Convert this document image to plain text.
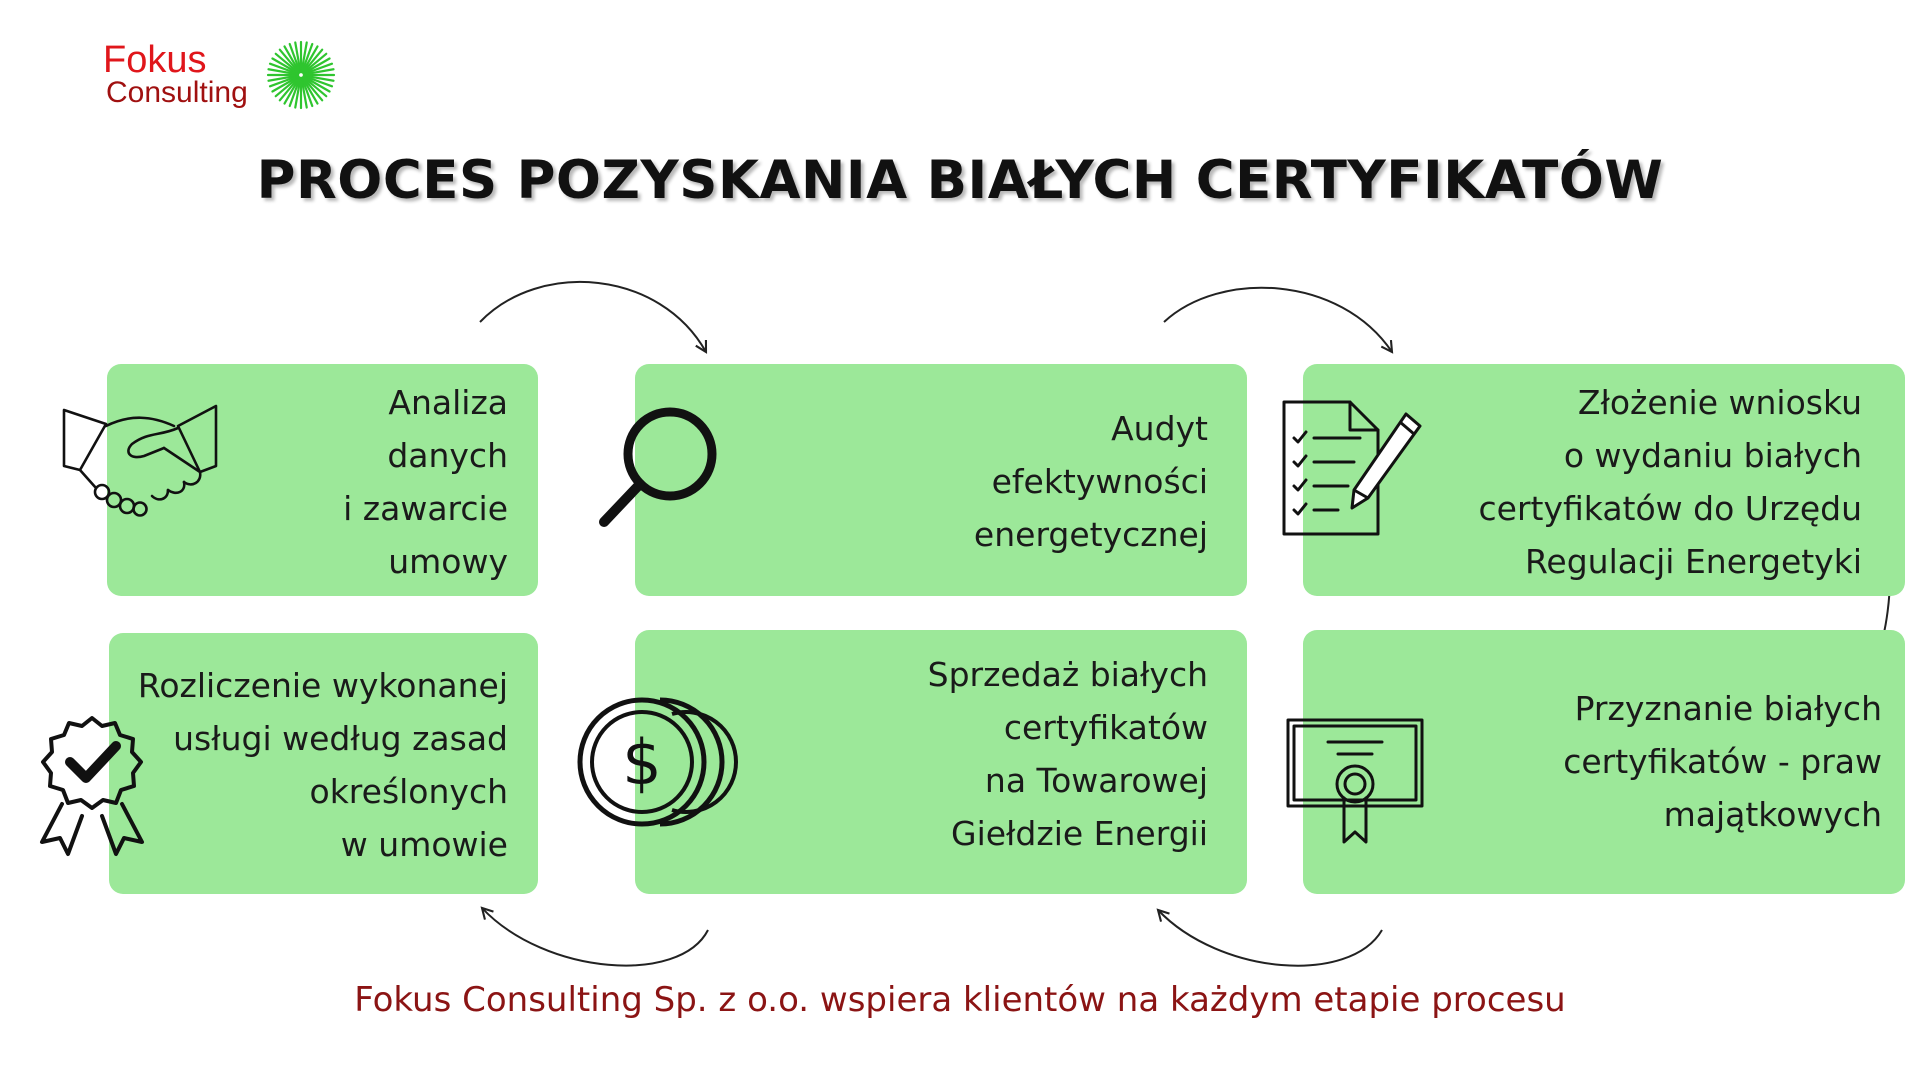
Fokus
Consulting
PROCES POZYSKANIA BIAŁYCH CERTYFIKATÓW
Analiza
danych
i zawarcie
umowy
Audyt
efektywności
energetycznej
Złożenie wniosku
o wydaniu białych
certyfikatów do Urzędu
Regulacji Energetyki
Przyznanie białych
certyfikatów - praw
majątkowych
Sprzedaż białych
certyfikatów
na Towarowej
Giełdzie Energii
$
Rozliczenie wykonanej
usługi według zasad
określonych
w umowie
Fokus Consulting Sp. z o.o. wspiera klientów na każdym etapie procesu
